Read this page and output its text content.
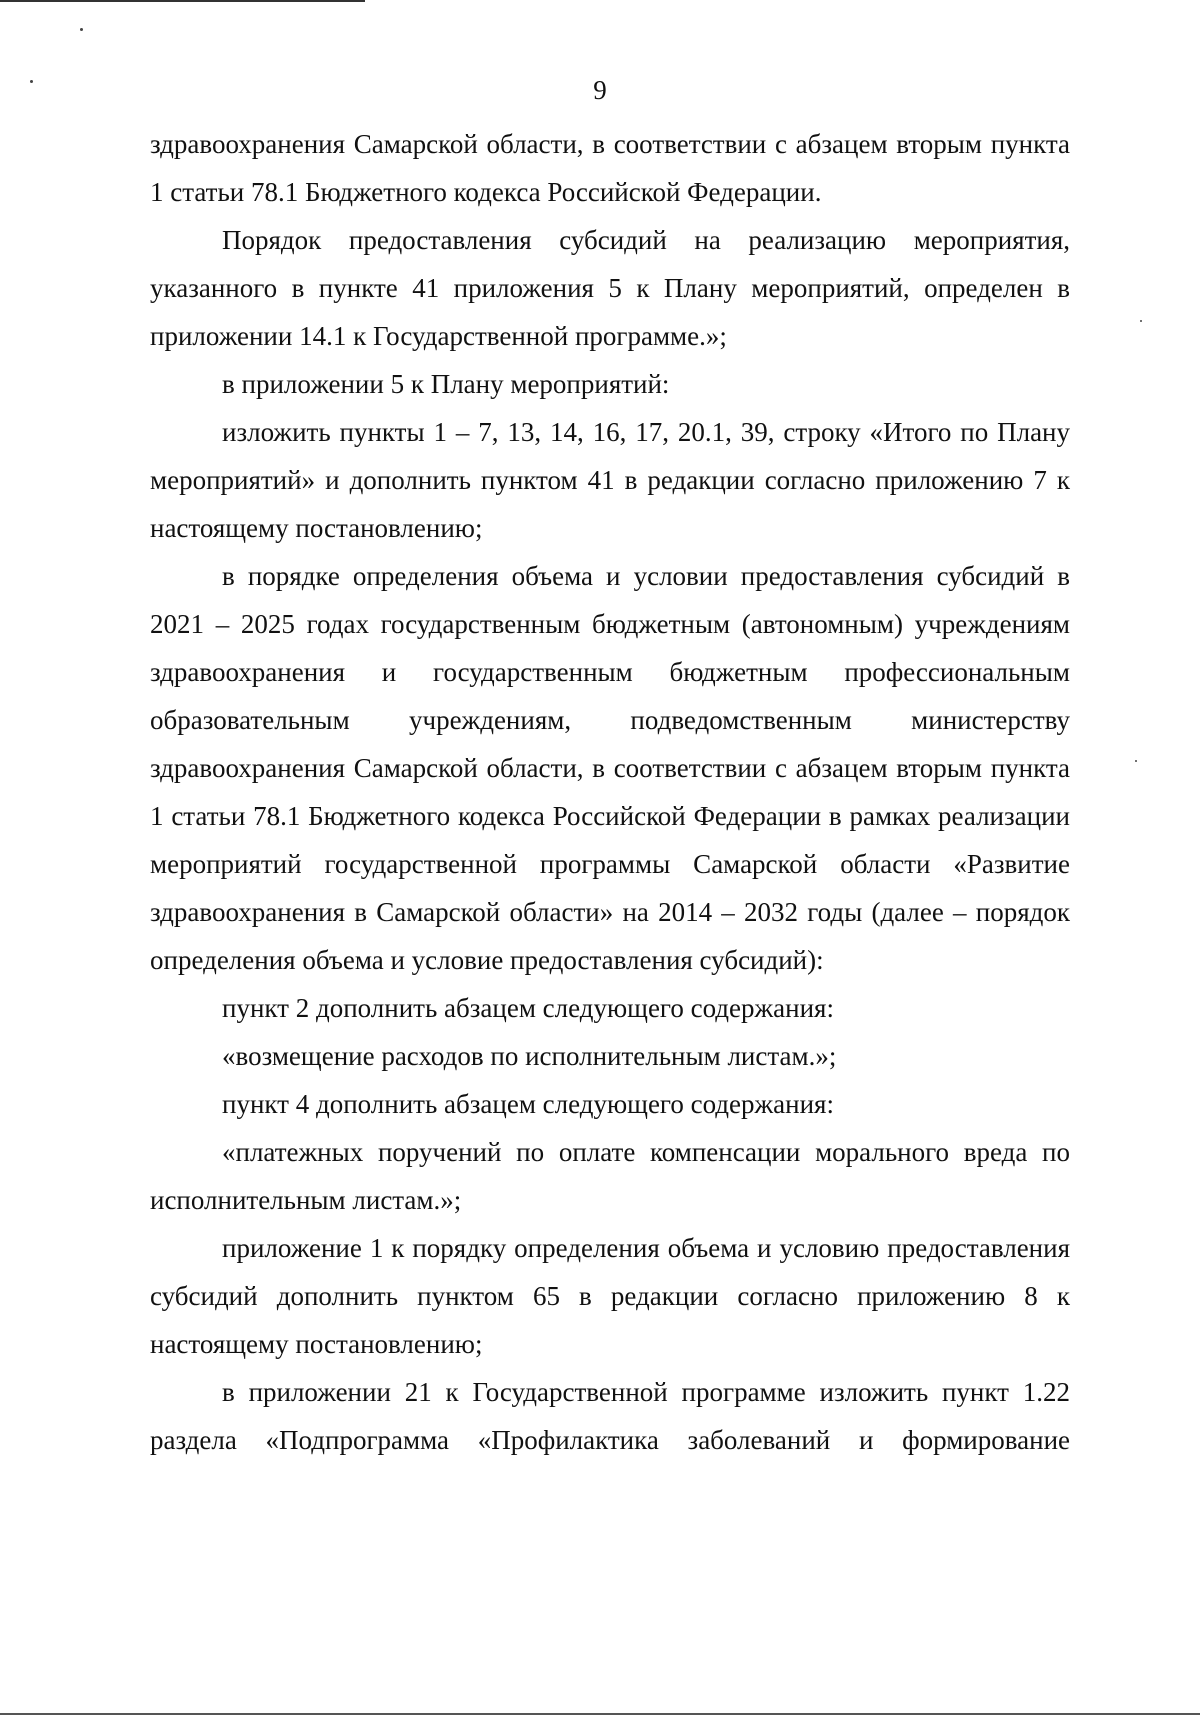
9

здравоохранения Самарской области, в соответствии с абзацем вторым пункта 1 статьи 78.1 Бюджетного кодекса Российской Федерации.

Порядок предоставления субсидий на реализацию мероприятия, указанного в пункте 41 приложения 5 к Плану мероприятий, определен в приложении 14.1 к Государственной программе.»;

в приложении 5 к Плану мероприятий:

изложить пункты 1 – 7, 13, 14, 16, 17, 20.1, 39, строку «Итого по Плану мероприятий» и дополнить пунктом 41 в редакции согласно приложению 7 к настоящему постановлению;

в порядке определения объема и условии предоставления субсидий в 2021 – 2025 годах государственным бюджетным (автономным) учреждениям здравоохранения и государственным бюджетным профессиональным образовательным учреждениям, подведомственным министерству здравоохранения Самарской области, в соответствии с абзацем вторым пункта 1 статьи 78.1 Бюджетного кодекса Российской Федерации в рамках реализации мероприятий государственной программы Самарской области «Развитие здравоохранения в Самарской области» на 2014 – 2032 годы (далее – порядок определения объема и условие предоставления субсидий):

пункт 2 дополнить абзацем следующего содержания:

«возмещение расходов по исполнительным листам.»;

пункт 4 дополнить абзацем следующего содержания:

«платежных поручений по оплате компенсации морального вреда по исполнительным листам.»;

приложение 1 к порядку определения объема и условию предоставления субсидий дополнить пунктом 65 в редакции согласно приложению 8 к настоящему постановлению;

в приложении 21 к Государственной программе изложить пункт 1.22 раздела «Подпрограмма «Профилактика заболеваний и формирование
